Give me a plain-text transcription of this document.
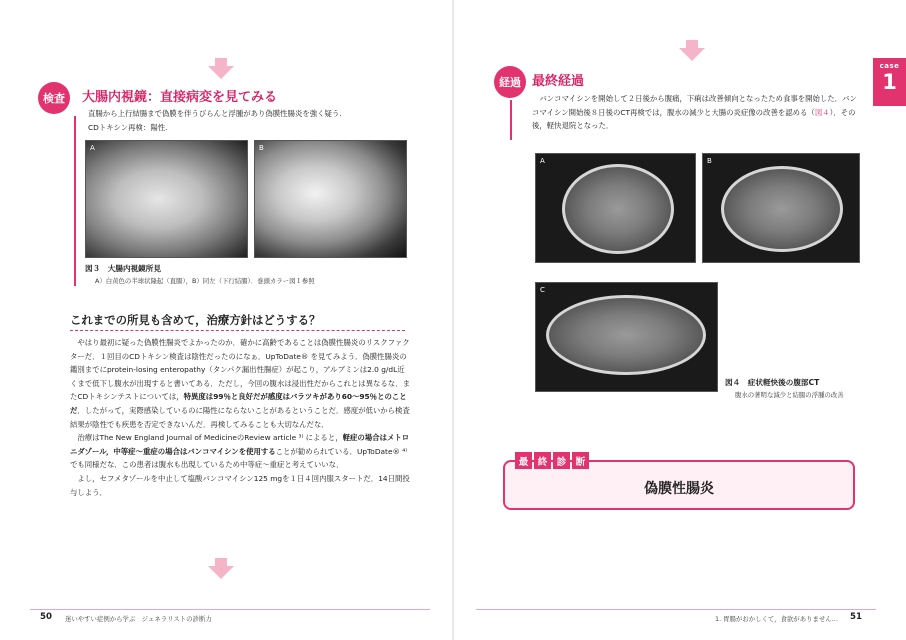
検査 大腸内視鏡：直接病変を見てみる
直腸から上行結腸まで偽膜を伴うびらんと浮腫があり偽膜性腸炎を強く疑う.
CDトキシン再検：陽性.
A	B
図３　大腸内視鏡所見
A）白黄色の半球状隆起（直腸），B）同左（下行結腸）．巻頭カラー図１参照
これまでの所見も含めて，治療方針はどうする？

やはり最初に疑った偽膜性腸炎でよかったのか．確かに高齢であることは偽膜性腸炎のリスクファクターだ．１回目のCDトキシン検査は陰性だったのになぁ．UpToDate® を見てみよう．偽膜性腸炎の鑑別までにprotein-losing enteropathy（タンパク漏出性腸症）が起こり，アルブミンは2.0 g/dL近くまで低下し腹水が出現すると書いてある．ただし，今回の腹水は浸出性だからこれとは異なるな．またCDトキシンテストについては，特異度は99％と良好だが感度はバラツキがあり60～95％とのことだ．したがって，実際感染しているのに陽性にならないことがあるということだ．感度が低いから検査結果が陰性でも疾患を否定できないんだ．再検してみることも大切なんだな．

治療はThe New England Journal of MedicineのReview article ³⁾ によると，軽症の場合はメトロニダゾール，中等症～重症の場合はバンコマイシンを使用することが勧められている．UpToDate® ⁴⁾ でも同様だな．この患者は腹水も出現しているため中等症～重症と考えていいな．

よし，セフメタゾールを中止して塩酸バンコマイシン125 mgを１日４回内服スタートだ．14日間投与しよう．

50 迷いやすい症例から学ぶ　ジェネラリストの診断力
経過 最終経過

バンコマイシンを開始して２日後から腹痛，下痢は改善傾向となったため食事を開始した．バンコマイシン開始後８日後のCT再検では，腹水の減少と大腸の炎症像の改善を認める（図４）．その後，軽快退院となった．

case
1
A	B
C
図４　症状軽快後の腹部CT
腹水の著明な減少と結腸の浮腫の改善
最 終 診 断
偽膜性腸炎
1. 胃腸がおかしくて，食欲がありません… 51
